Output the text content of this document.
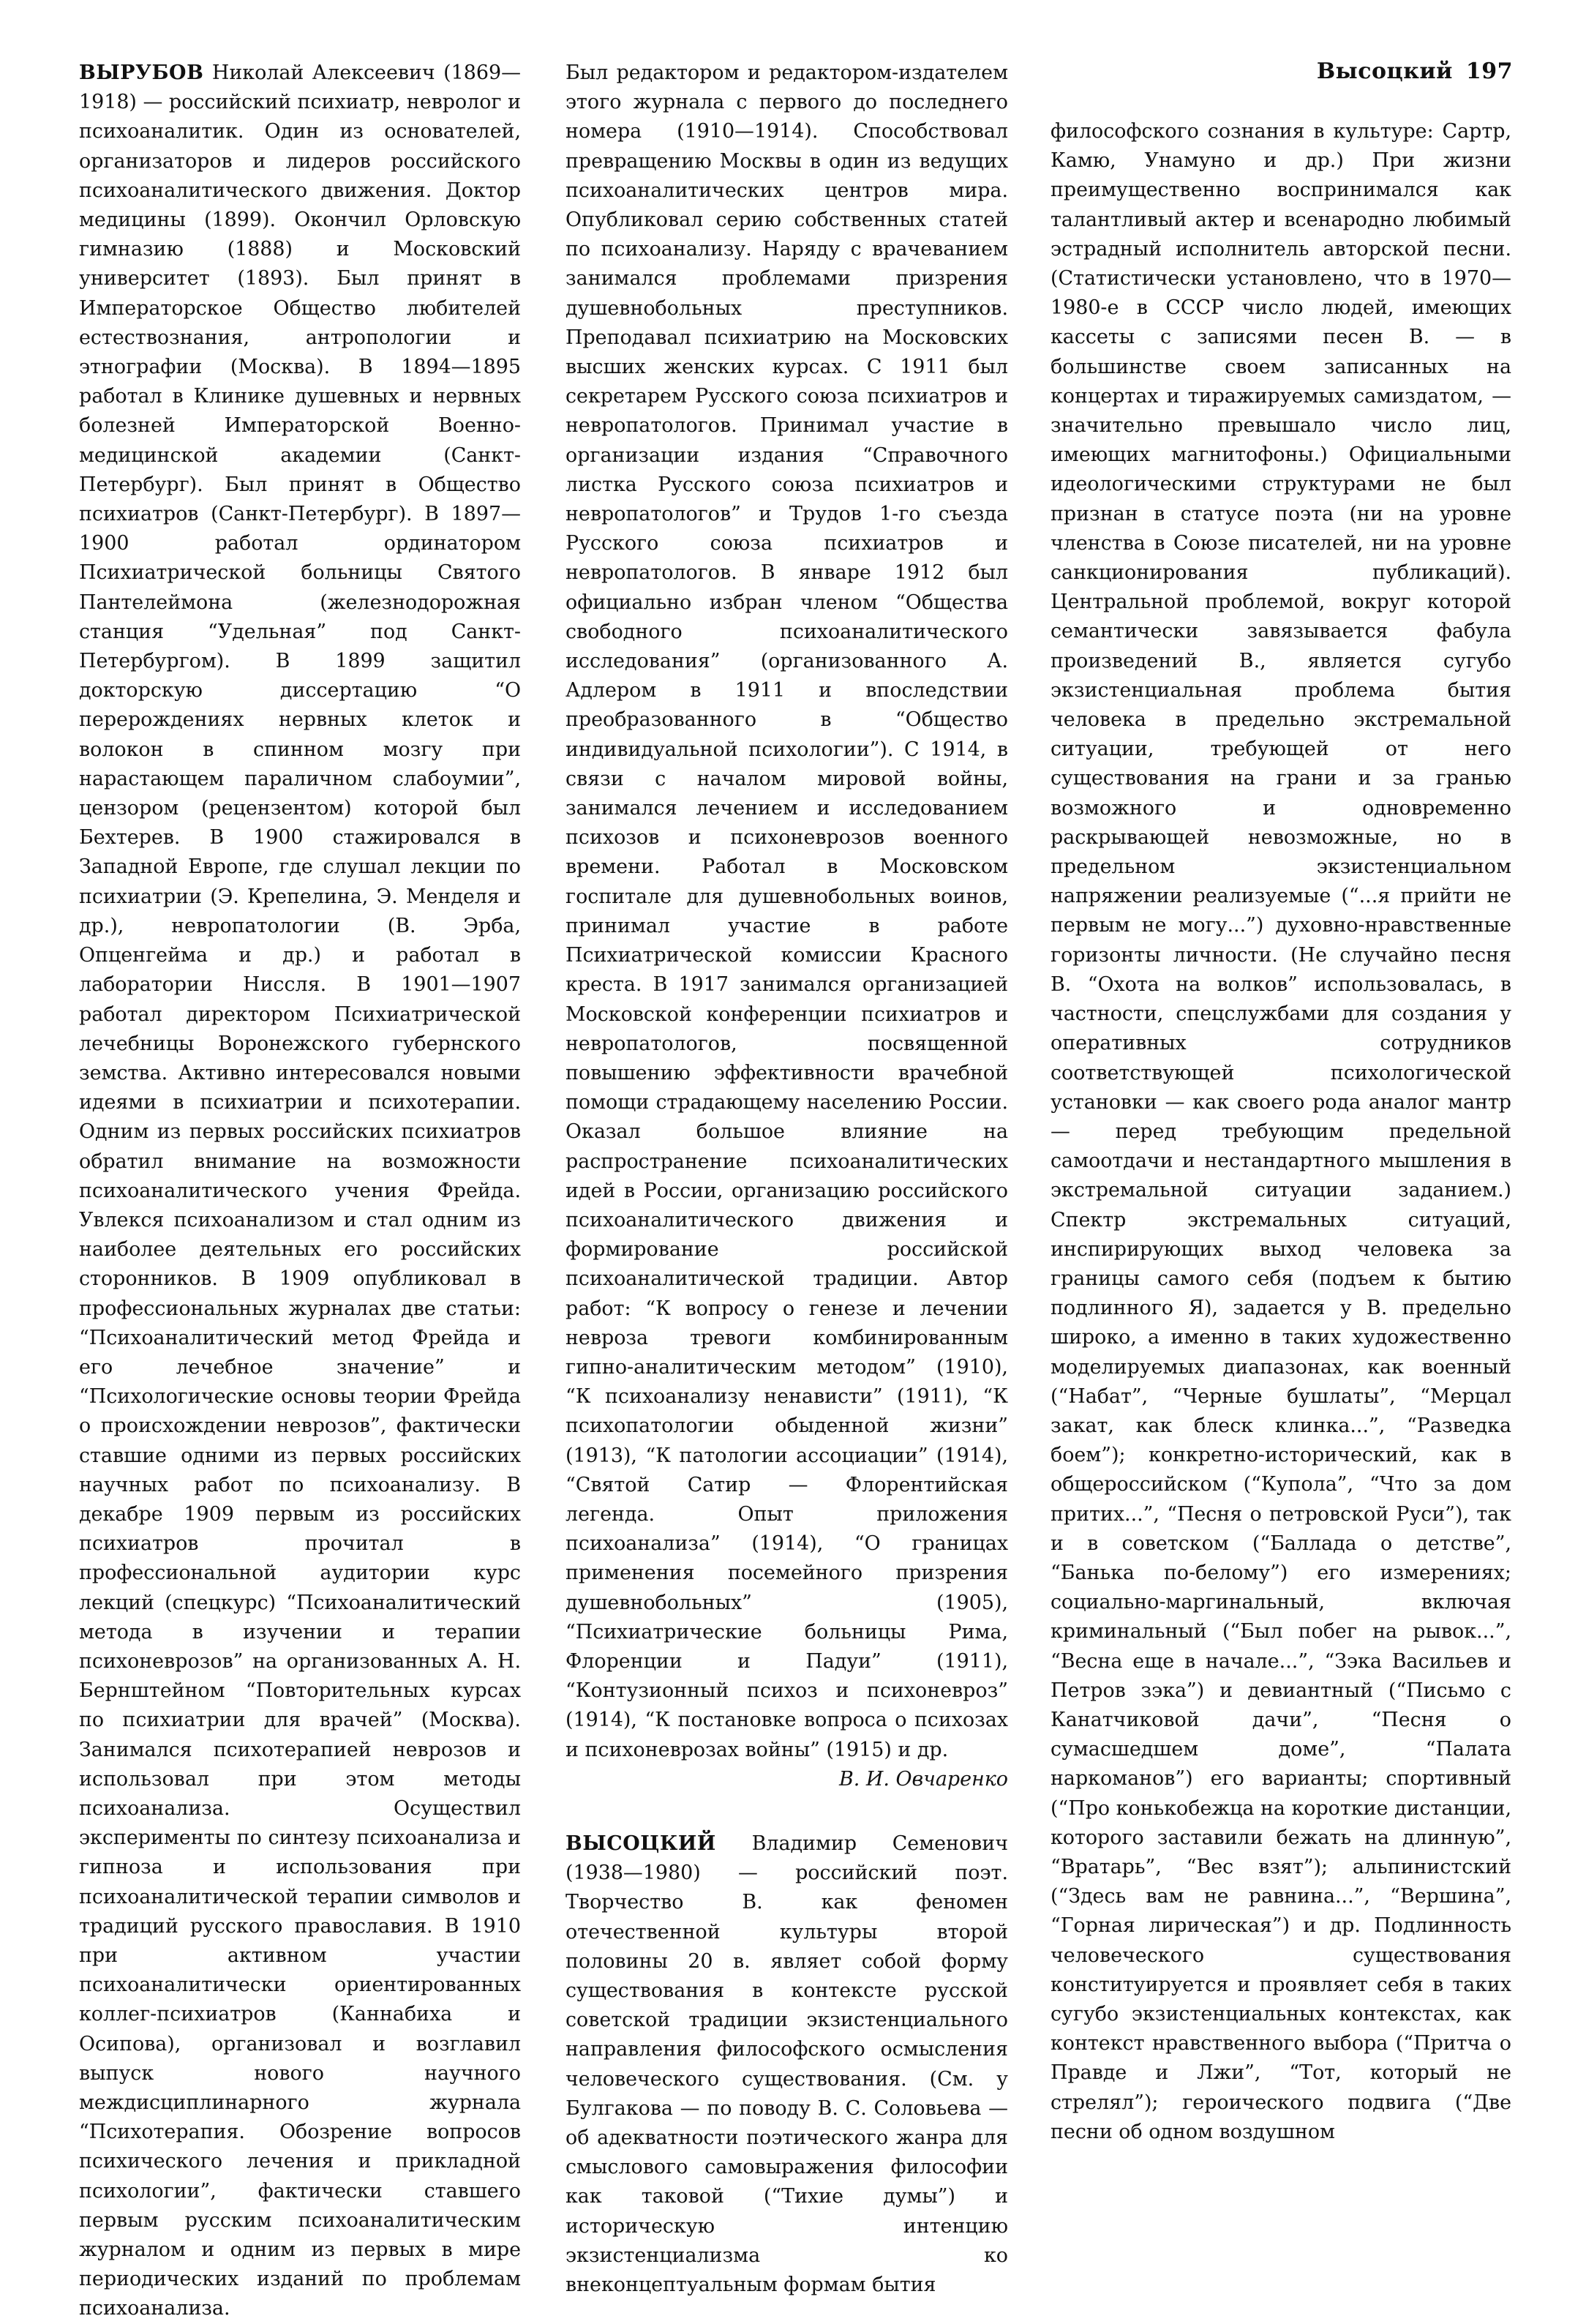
Высоцкий 197

ВЫРУБОВ Николай Алексеевич (1869—1918) — российский психиатр, невролог и психоаналитик. Один из основателей, организаторов и лидеров российского психоаналитического движения. Доктор медицины (1899). Окончил Орловскую гимназию (1888) и Московский университет (1893). Был принят в Императорское Общество любителей естествознания, антропологии и этнографии (Москва). В 1894—1895 работал в Клинике душевных и нервных болезней Императорской Военно-медицинской академии (Санкт-Петербург). Был принят в Общество психиатров (Санкт-Петербург). В 1897—1900 работал ординатором Психиатрической больницы Святого Пантелеймона (железнодорожная станция “Удельная” под Санкт-Петербургом). В 1899 защитил докторскую диссертацию “О перерождениях нервных клеток и волокон в спинном мозгу при нарастающем параличном слабоумии”, цензором (рецензентом) которой был Бехтерев. В 1900 стажировался в Западной Европе, где слушал лекции по психиатрии (Э. Крепелина, Э. Менделя и др.), невропатологии (В. Эрба, Опценгейма и др.) и работал в лаборатории Ниссля. В 1901—1907 работал директором Психиатрической лечебницы Воронежского губернского земства. Активно интересовался новыми идеями в психиатрии и психотерапии. Одним из первых российских психиатров обратил внимание на возможности психоаналитического учения Фрейда. Увлекся психоанализом и стал одним из наиболее деятельных его российских сторонников. В 1909 опубликовал в профессиональных журналах две статьи: “Психоаналитический метод Фрейда и его лечебное значение” и “Психологические основы теории Фрейда о происхождении неврозов”, фактически ставшие одними из первых российских научных работ по психоанализу. В декабре 1909 первым из российских психиатров прочитал в профессиональной аудитории курс лекций (спецкурс) “Психоаналитический метода в изучении и терапии психоневрозов” на организованных А. Н. Бернштейном “Повторительных курсах по психиатрии для врачей” (Москва). Занимался психотерапией неврозов и использовал при этом методы психоанализа. Осуществил эксперименты по синтезу психоанализа и гипноза и использования при психоаналитической терапии символов и традиций русского православия. В 1910 при активном участии психоаналитически ориентированных коллег-психиатров (Каннабиха и Осипова), организовал и возглавил выпуск нового научного междисциплинарного журнала “Психотерапия. Обозрение вопросов психического лечения и прикладной психологии”, фактически ставшего первым русским психоаналитическим журналом и одним из первых в мире периодических изданий по проблемам психоанализа.

Был редактором и редактором-издателем этого журнала с первого до последнего номера (1910—1914). Способствовал превращению Москвы в один из ведущих психоаналитических центров мира. Опубликовал серию собственных статей по психоанализу. Наряду с врачеванием занимался проблемами призрения душевнобольных преступников. Преподавал психиатрию на Московских высших женских курсах. С 1911 был секретарем Русского союза психиатров и невропатологов. Принимал участие в организации издания “Справочного листка Русского союза психиатров и невропатологов” и Трудов 1-го съезда Русского союза психиатров и невропатологов. В январе 1912 был официально избран членом “Общества свободного психоаналитического исследования” (организованного А. Адлером в 1911 и впоследствии преобразованного в “Общество индивидуальной психологии”). С 1914, в связи с началом мировой войны, занимался лечением и исследованием психозов и психоневрозов военного времени. Работал в Московском госпитале для душевнобольных воинов, принимал участие в работе Психиатрической комиссии Красного креста. В 1917 занимался организацией Московской конференции психиатров и невропатологов, посвященной повышению эффективности врачебной помощи страдающему населению России. Оказал большое влияние на распространение психоаналитических идей в России, организацию российского психоаналитического движения и формирование российской психоаналитической традиции. Автор работ: “К вопросу о генезе и лечении невроза тревоги комбинированным гипно-аналитическим методом” (1910), “К психоанализу ненависти” (1911), “К психопатологии обыденной жизни” (1913), “К патологии ассоциации” (1914), “Святой Сатир — Флорентийская легенда. Опыт приложения психоанализа” (1914), “О границах применения посемейного призрения душевнобольных” (1905), “Психиатрические больницы Рима, Флоренции и Падуи” (1911), “Контузионный психоз и психоневроз” (1914), “К постановке вопроса о психозах и психоневрозах войны” (1915) и др.

В. И. Овчаренко

ВЫСОЦКИЙ Владимир Семенович (1938—1980) — российский поэт. Творчество В. как феномен отечественной культуры второй половины 20 в. являет собой форму существования в контексте русской советской традиции экзистенциального направления философского осмысления человеческого существования. (См. у Булгакова — по поводу В. С. Соловьева — об адекватности поэтического жанра для смыслового самовыражения философии как таковой (“Тихие думы”) и историческую интенцию экзистенциализма ко внеконцептуальным формам бытия

философского сознания в культуре: Сартр, Камю, Унамуно и др.) При жизни преимущественно воспринимался как талантливый актер и всенародно любимый эстрадный исполнитель авторской песни. (Статистически установлено, что в 1970—1980-е в СССР число людей, имеющих кассеты с записями песен В. — в большинстве своем записанных на концертах и тиражируемых самиздатом, — значительно превышало число лиц, имеющих магнитофоны.) Официальными идеологическими структурами не был признан в статусе поэта (ни на уровне членства в Союзе писателей, ни на уровне санкционирования публикаций). Центральной проблемой, вокруг которой семантически завязывается фабула произведений В., является сугубо экзистенциальная проблема бытия человека в предельно экстремальной ситуации, требующей от него существования на грани и за гранью возможного и одновременно раскрывающей невозможные, но в предельном экзистенциальном напряжении реализуемые (“...я прийти не первым не могу...”) духовно-нравственные горизонты личности. (Не случайно песня В. “Охота на волков” использовалась, в частности, спецслужбами для создания у оперативных сотрудников соответствующей психологической установки — как своего рода аналог мантр — перед требующим предельной самоотдачи и нестандартного мышления в экстремальной ситуации заданием.) Спектр экстремальных ситуаций, инспирирующих выход человека за границы самого себя (подъем к бытию подлинного Я), задается у В. предельно широко, а именно в таких художественно моделируемых диапазонах, как военный (“Набат”, “Черные бушлаты”, “Мерцал закат, как блеск клинка...”, “Разведка боем”); конкретно-исторический, как в общероссийском (“Купола”, “Что за дом притих...”, “Песня о петровской Руси”), так и в советском (“Баллада о детстве”, “Банька по-белому”) его измерениях; социально-маргинальный, включая криминальный (“Был побег на рывок...”, “Весна еще в начале...”, “Зэка Васильев и Петров зэка”) и девиантный (“Письмо с Канатчиковой дачи”, “Песня о сумасшедшем доме”, “Палата наркоманов”) его варианты; спортивный (“Про конькобежца на короткие дистанции, которого заставили бежать на длинную”, “Вратарь”, “Вес взят”); альпинистский (“Здесь вам не равнина...”, “Вершина”, “Горная лирическая”) и др. Подлинность человеческого существования конституируется и проявляет себя в таких сугубо экзистенциальных контекстах, как контекст нравственного выбора (“Притча о Правде и Лжи”, “Тот, который не стрелял”); героического подвига (“Две песни об одном воздушном
